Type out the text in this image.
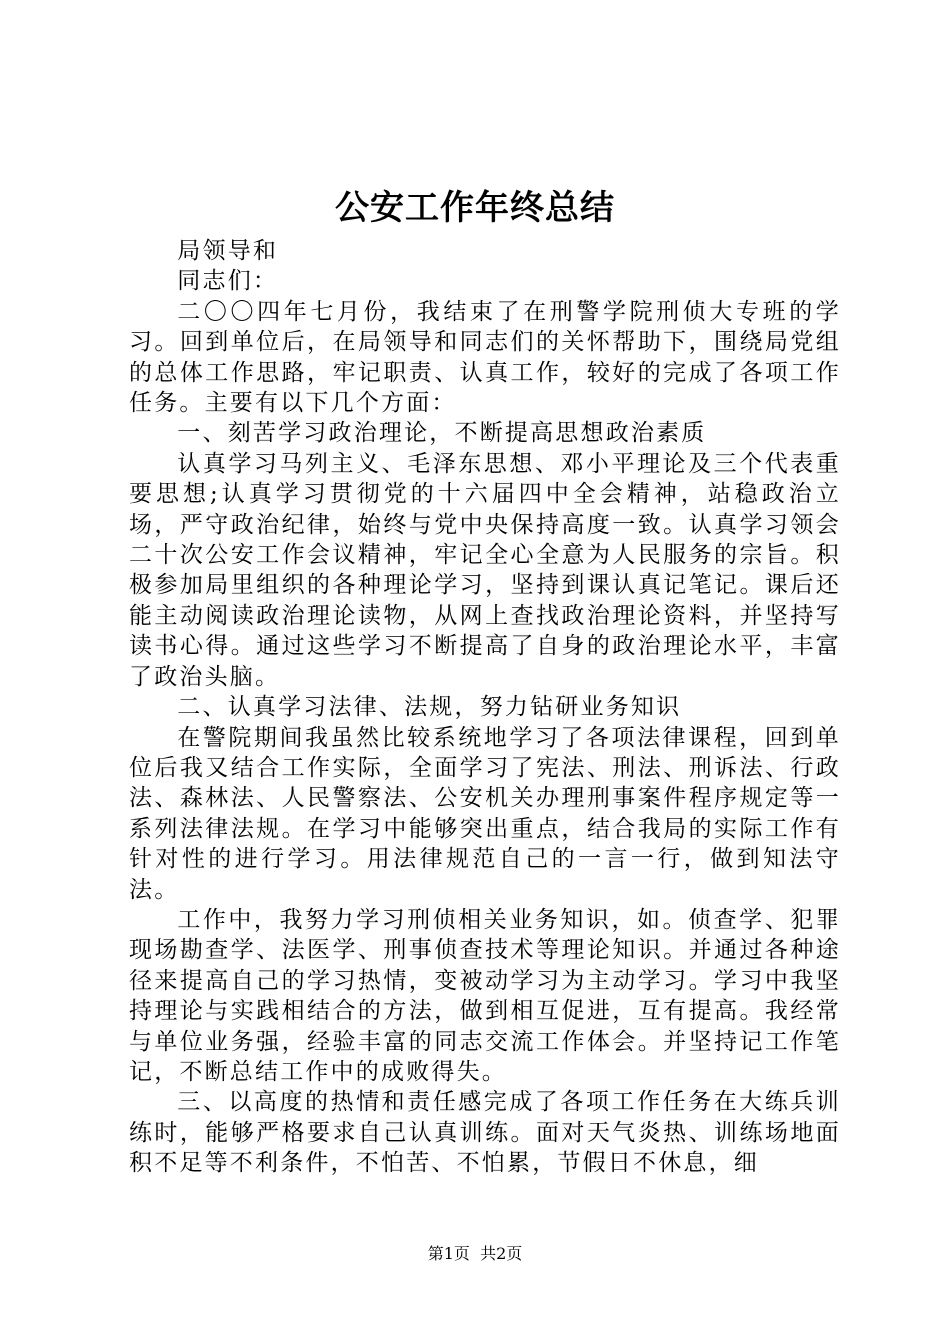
公安工作年终总结

局领导和

同志们：

二〇〇四年七月份，我结束了在刑警学院刑侦大专班的学习。回到单位后，在局领导和同志们的关怀帮助下，围绕局党组的总体工作思路，牢记职责、认真工作，较好的完成了各项工作任务。主要有以下几个方面：

一、刻苦学习政治理论，不断提高思想政治素质

认真学习马列主义、毛泽东思想、邓小平理论及三个代表重要思想;认真学习贯彻党的十六届四中全会精神，站稳政治立场，严守政治纪律，始终与党中央保持高度一致。认真学习领会二十次公安工作会议精神，牢记全心全意为人民服务的宗旨。积极参加局里组织的各种理论学习，坚持到课认真记笔记。课后还能主动阅读政治理论读物，从网上查找政治理论资料，并坚持写读书心得。通过这些学习不断提高了自身的政治理论水平，丰富了政治头脑。

二、认真学习法律、法规，努力钻研业务知识

在警院期间我虽然比较系统地学习了各项法律课程，回到单位后我又结合工作实际，全面学习了宪法、刑法、刑诉法、行政法、森林法、人民警察法、公安机关办理刑事案件程序规定等一系列法律法规。在学习中能够突出重点，结合我局的实际工作有针对性的进行学习。用法律规范自己的一言一行，做到知法守法。

工作中，我努力学习刑侦相关业务知识，如。侦查学、犯罪现场勘查学、法医学、刑事侦查技术等理论知识。并通过各种途径来提高自己的学习热情，变被动学习为主动学习。学习中我坚持理论与实践相结合的方法，做到相互促进，互有提高。我经常与单位业务强，经验丰富的同志交流工作体会。并坚持记工作笔记，不断总结工作中的成败得失。

三、以高度的热情和责任感完成了各项工作任务在大练兵训练时，能够严格要求自己认真训练。面对天气炎热、训练场地面积不足等不利条件，不怕苦、不怕累，节假日不休息，细

第1页 共2页
